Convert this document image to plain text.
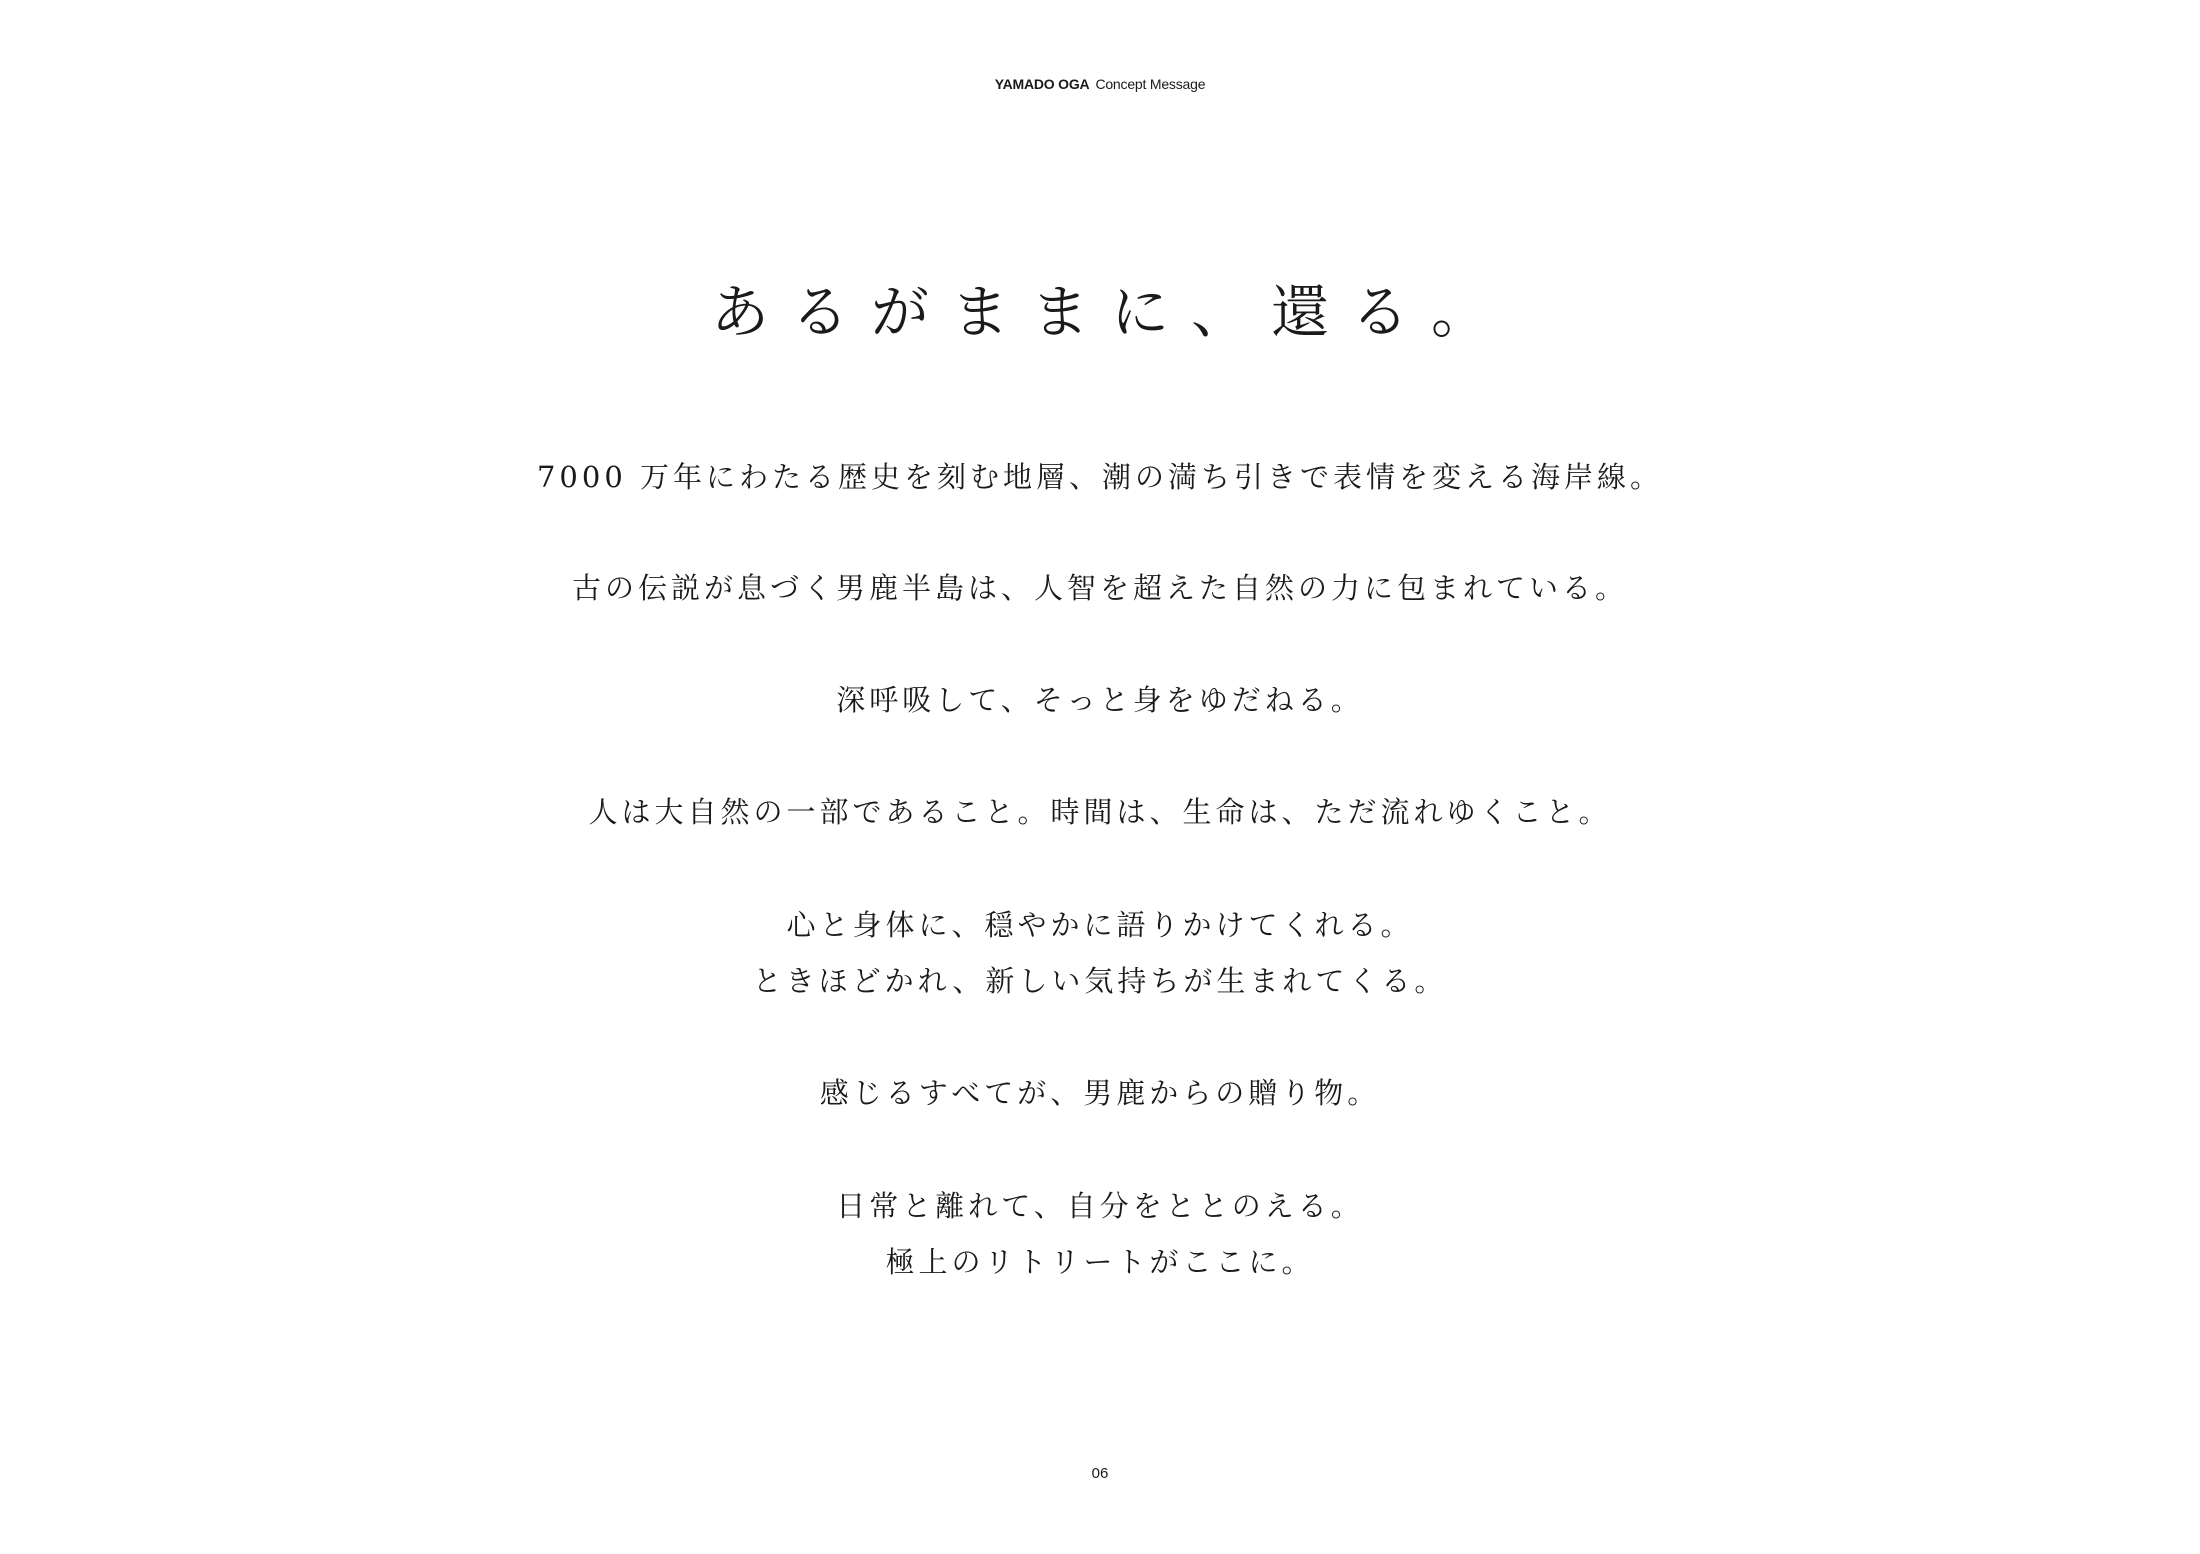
YAMADO OGA Concept Message
あるがままに、還る。
7000 万年にわたる歴史を刻む地層、潮の満ち引きで表情を変える海岸線。
古の伝説が息づく男鹿半島は、人智を超えた自然の力に包まれている。
深呼吸して、そっと身をゆだねる。
人は大自然の一部であること。時間は、生命は、ただ流れゆくこと。
心と身体に、穏やかに語りかけてくれる。
ときほどかれ、新しい気持ちが生まれてくる。
感じるすべてが、男鹿からの贈り物。
日常と離れて、自分をととのえる。
極上のリトリートがここに。
06
